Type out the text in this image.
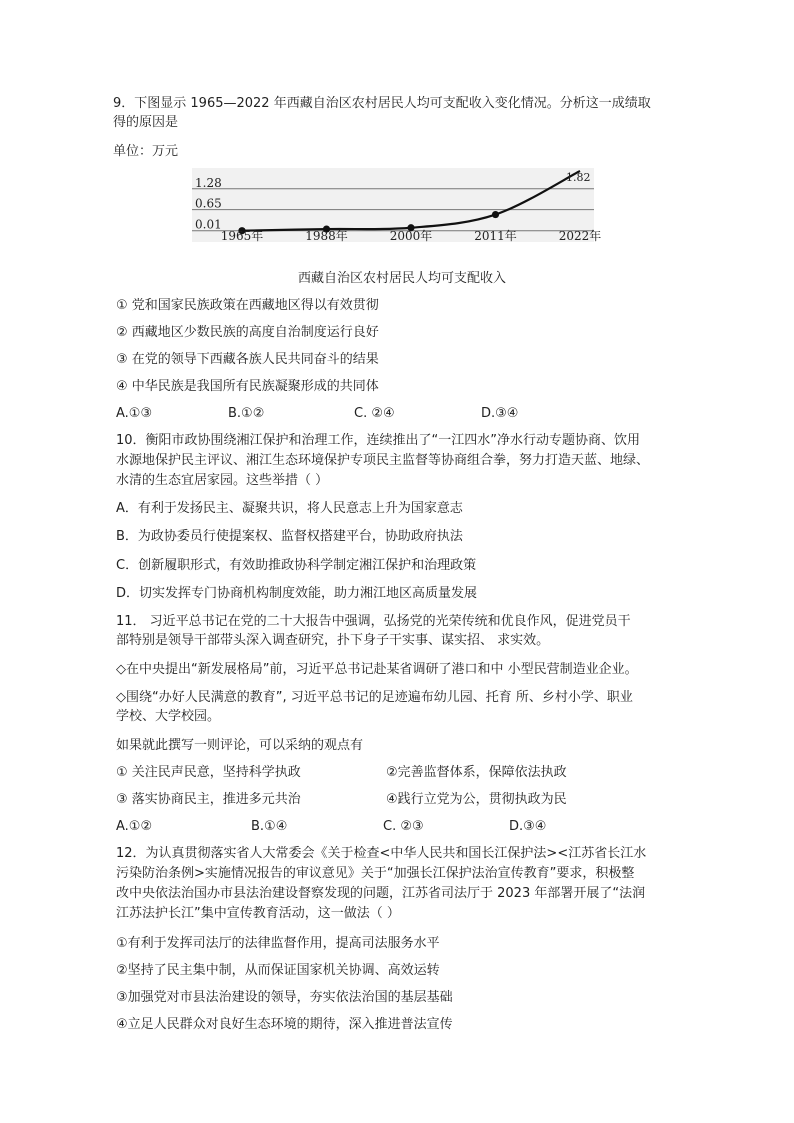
9．下图显示 1965—2022 年西藏自治区农村居民人均可支配收入变化情况。分析这一成绩取
得的原因是
单位：万元
1.28
0.65
0.01
1965年	1988年	2000年	2011年	2022年
1.82
西藏自治区农村居民人均可支配收入
① 党和国家民族政策在西藏地区得以有效贯彻
② 西藏地区少数民族的高度自治制度运行良好
③ 在党的领导下西藏各族人民共同奋斗的结果
④ 中华民族是我国所有民族凝聚形成的共同体
A.①③	B.①②	C. ②④	D.③④
10．衡阳市政协围绕湘江保护和治理工作，连续推出了“一江四水”净水行动专题协商、饮用
水源地保护民主评议、湘江生态环境保护专项民主监督等协商组合拳，努力打造天蓝、地绿、
水清的生态宜居家园。这些举措（ ）
A．有利于发扬民主、凝聚共识，将人民意志上升为国家意志
B．为政协委员行使提案权、监督权搭建平台，协助政府执法
C．创新履职形式，有效助推政协科学制定湘江保护和治理政策
D．切实发挥专门协商机构制度效能，助力湘江地区高质量发展
11． 习近平总书记在党的二十大报告中强调，弘扬党的光荣传统和优良作风，促进党员干
部特别是领导干部带头深入调查研究，扑下身子干实事、谋实招、 求实效。
◇在中央提出“新发展格局”前，习近平总书记赴某省调研了港口和中 小型民营制造业企业。
◇围绕“办好人民满意的教育”, 习近平总书记的足迹遍布幼儿园、托育 所、乡村小学、职业
学校、大学校园。
如果就此撰写一则评论，可以采纳的观点有
① 关注民声民意，坚持科学执政	②完善监督体系，保障依法执政
③ 落实协商民主，推进多元共治	④践行立党为公，贯彻执政为民
A.①②	B.①④	C. ②③	D.③④
12．为认真贯彻落实省人大常委会《关于检查<中华人民共和国长江保护法><江苏省长江水
污染防治条例>实施情况报告的审议意见》关于“加强长江保护法治宣传教育”要求，积极整
改中央依法治国办市县法治建设督察发现的问题，江苏省司法厅于 2023 年部署开展了“法润
江苏法护长江”集中宣传教育活动，这一做法（ ）
①有利于发挥司法厅的法律监督作用，提高司法服务水平
②坚持了民主集中制，从而保证国家机关协调、高效运转
③加强党对市县法治建设的领导，夯实依法治国的基层基础
④立足人民群众对良好生态环境的期待，深入推进普法宣传
